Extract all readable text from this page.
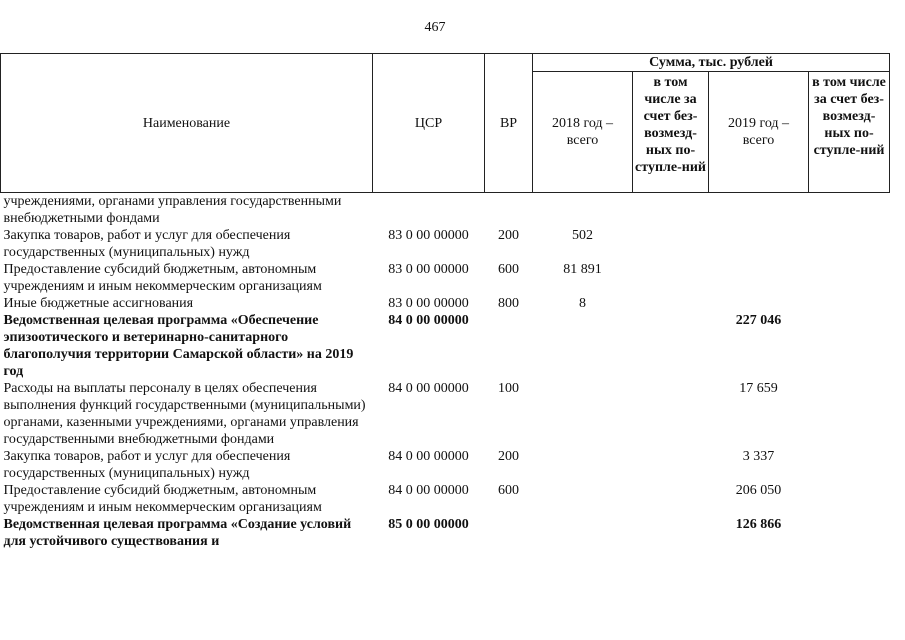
467
Наименование	ЦСР	ВР	Сумма, тыс. рублей			
			2018 год – всего	в том числе за счет без-возмезд-ных по-ступле-ний	2019 год – всего	в том числе за счет без-возмезд-ных по-ступле-ний
учреждениями, органами управления государственными внебюджетными фондами						
Закупка товаров, работ и услуг для обеспечения государственных (муниципальных) нужд	83 0 00 00000	200	502			
Предоставление субсидий бюджетным, автономным учреждениям и иным некоммерческим организациям	83 0 00 00000	600	81 891			
Иные бюджетные ассигнования	83 0 00 00000	800	8			
Ведомственная целевая программа «Обеспечение эпизоотического и ветеринарно-санитарного благополучия территории Самарской области» на 2019 год	84 0 00 00000				227 046	
Расходы на выплаты персоналу в целях обеспечения выполнения функций государственными (муниципальными) органами, казенными учреждениями, органами управления государственными внебюджетными фондами	84 0 00 00000	100			17 659	
Закупка товаров, работ и услуг для обеспечения государственных (муниципальных) нужд	84 0 00 00000	200			3 337	
Предоставление субсидий бюджетным, автономным учреждениям и иным некоммерческим организациям	84 0 00 00000	600			206 050	
Ведомственная целевая программа «Создание условий для устойчивого существования и	85 0 00 00000				126 866	
